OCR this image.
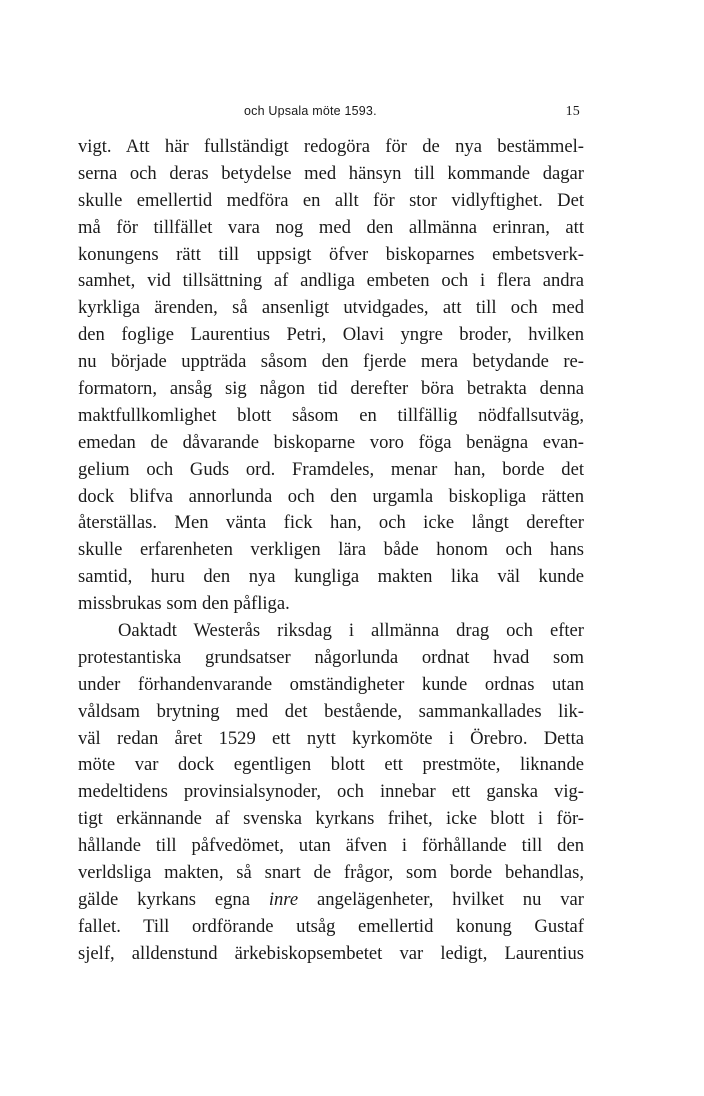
och Upsala möte 1593.	15
vigt. Att här fullständigt redogöra för de nya bestämmel-
serna och deras betydelse med hänsyn till kommande dagar
skulle emellertid medföra en allt för stor vidlyftighet. Det
må för tillfället vara nog med den allmänna erinran, att
konungens rätt till uppsigt öfver biskoparnes embetsverk-
samhet, vid tillsättning af andliga embeten och i flera andra
kyrkliga ärenden, så ansenligt utvidgades, att till och med
den foglige Laurentius Petri, Olavi yngre broder, hvilken
nu började uppträda såsom den fjerde mera betydande re-
formatorn, ansåg sig någon tid derefter böra betrakta denna
maktfullkomlighet blott såsom en tillfällig nödfallsutväg,
emedan de dåvarande biskoparne voro föga benägna evan-
gelium och Guds ord. Framdeles, menar han, borde det
dock blifva annorlunda och den urgamla biskopliga rätten
återställas. Men vänta fick han, och icke långt derefter
skulle erfarenheten verkligen lära både honom och hans
samtid, huru den nya kungliga makten lika väl kunde
missbrukas som den påfliga.
Oaktadt Westerås riksdag i allmänna drag och efter
protestantiska grundsatser någorlunda ordnat hvad som
under förhandenvarande omständigheter kunde ordnas utan
våldsam brytning med det bestående, sammankallades lik-
väl redan året 1529 ett nytt kyrkomöte i Örebro. Detta
möte var dock egentligen blott ett prestmöte, liknande
medeltidens provinsialsynoder, och innebar ett ganska vig-
tigt erkännande af svenska kyrkans frihet, icke blott i för-
hållande till påfvedömet, utan äfven i förhållande till den
verldsliga makten, så snart de frågor, som borde behandlas,
gälde kyrkans egna inre angelägenheter, hvilket nu var
fallet. Till ordförande utsåg emellertid konung Gustaf
sjelf, alldenstund ärkebiskopsembetet var ledigt, Laurentius
